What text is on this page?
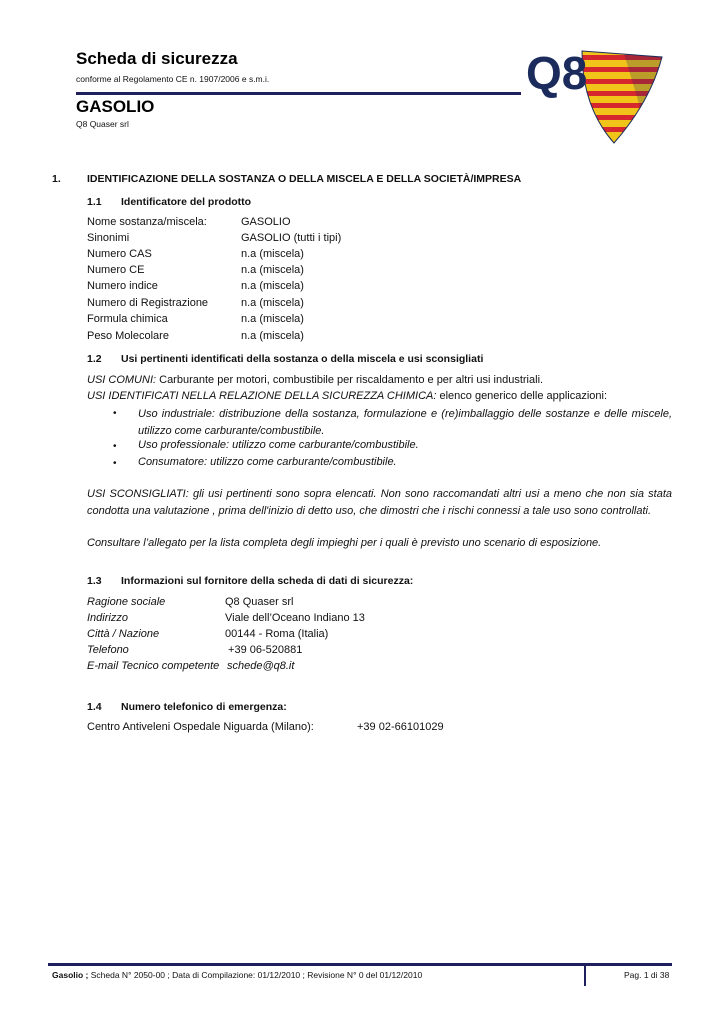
Scheda di sicurezza
conforme al Regolamento CE n. 1907/2006 e s.m.i.
GASOLIO
Q8 Quaser srl
Q8
1. IDENTIFICAZIONE DELLA SOSTANZA O DELLA MISCELA E DELLA SOCIETÀ/IMPRESA
1.1 Identificatore del prodotto
Nome sostanza/miscela:	GASOLIO
Sinonimi	GASOLIO (tutti i tipi)
Numero CAS	n.a (miscela)
Numero CE	n.a (miscela)
Numero indice	n.a (miscela)
Numero di Registrazione	n.a (miscela)
Formula chimica	n.a (miscela)
Peso Molecolare	n.a (miscela)
1.2 Usi pertinenti identificati della sostanza o della miscela e usi sconsigliati
USI COMUNI: Carburante per motori, combustibile per riscaldamento e per altri usi industriali.
USI IDENTIFICATI NELLA RELAZIONE DELLA SICUREZZA CHIMICA: elenco generico delle applicazioni:
• Uso industriale: distribuzione della sostanza, formulazione e (re)imballaggio delle sostanze e delle miscele, utilizzo come carburante/combustibile.
• Uso professionale: utilizzo come carburante/combustibile.
• Consumatore: utilizzo come carburante/combustibile.
USI SCONSIGLIATI: gli usi pertinenti sono sopra elencati. Non sono raccomandati altri usi a meno che non sia stata condotta una valutazione , prima dell'inizio di detto uso, che dimostri che i rischi connessi a tale uso sono controllati.
Consultare l’allegato per la lista completa degli impieghi per i quali è previsto uno scenario di esposizione.
1.3 Informazioni sul fornitore della scheda di dati di sicurezza:
Ragione sociale	Q8 Quaser srl
Indirizzo	Viale dell’Oceano Indiano 13
Città / Nazione	00144 - Roma (Italia)
Telefono	+39 06-520881
E-mail Tecnico competente schede@q8.it
1.4 Numero telefonico di emergenza:
Centro Antiveleni Ospedale Niguarda (Milano):	+39 02-66101029
Gasolio ; Scheda N° 2050-00 ; Data di Compilazione: 01/12/2010 ; Revisione N° 0 del 01/12/2010	Pag. 1 di 38
